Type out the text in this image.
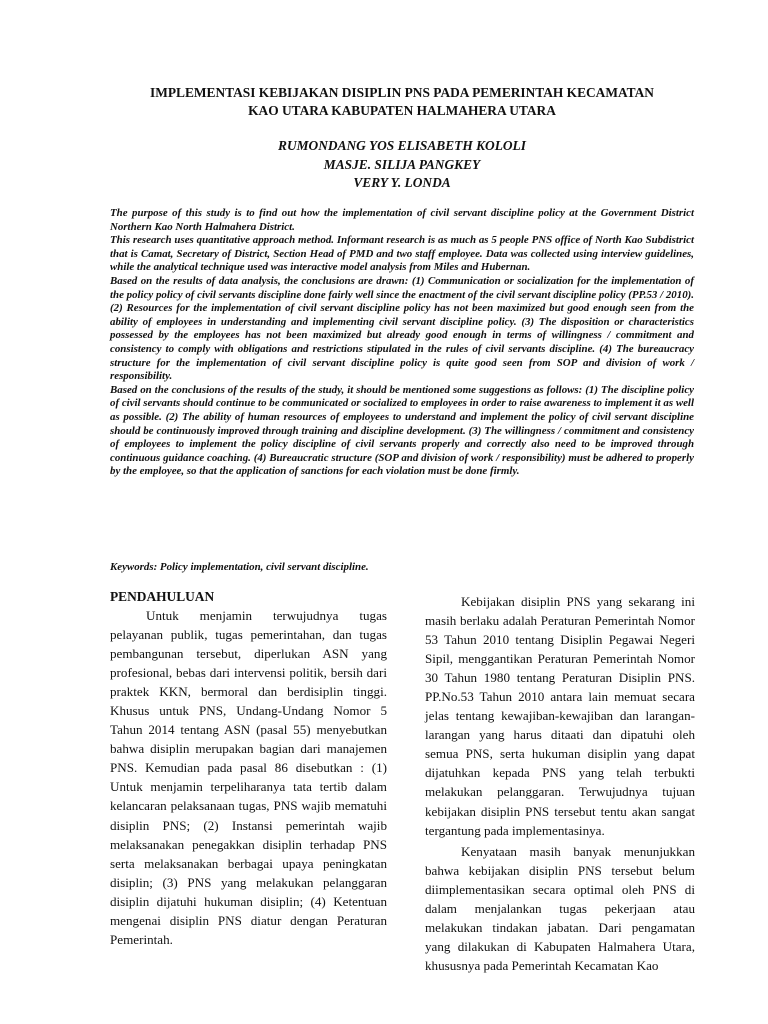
IMPLEMENTASI KEBIJAKAN DISIPLIN PNS PADA PEMERINTAH KECAMATAN
KAO UTARA KABUPATEN HALMAHERA UTARA
RUMONDANG YOS ELISABETH KOLOLI
MASJE. SILIJA PANGKEY
VERY Y. LONDA

The purpose of this study is to find out how the implementation of civil servant discipline policy at the Government District Northern Kao North Halmahera District.

This research uses quantitative approach method. Informant research is as much as 5 people PNS office of North Kao Subdistrict that is Camat, Secretary of District, Section Head of PMD and two staff employee. Data was collected using interview guidelines, while the analytical technique used was interactive model analysis from Miles and Hubernan.

Based on the results of data analysis, the conclusions are drawn: (1) Communication or socialization for the implementation of the policy policy of civil servants discipline done fairly well since the enactment of the civil servant discipline policy (PP.53 / 2010). (2) Resources for the implementation of civil servant discipline policy has not been maximized but good enough seen from the ability of employees in understanding and implementing civil servant discipline policy. (3) The disposition or characteristics possessed by the employees has not been maximized but already good enough in terms of willingness / commitment and consistency to comply with obligations and restrictions stipulated in the rules of civil servants discipline. (4) The bureaucracy structure for the implementation of civil servant discipline policy is quite good seen from SOP and division of work / responsibility.

Based on the conclusions of the results of the study, it should be mentioned some suggestions as follows: (1) The discipline policy of civil servants should continue to be communicated or socialized to employees in order to raise awareness to implement it as well as possible. (2) The ability of human resources of employees to understand and implement the policy of civil servant discipline should be continuously improved through training and discipline development. (3) The willingness / commitment and consistency of employees to implement the policy discipline of civil servants properly and correctly also need to be improved through continuous guidance coaching. (4) Bureaucratic structure (SOP and division of work / responsibility) must be adhered to properly by the employee, so that the application of sanctions for each violation must be done firmly.

Keywords: Policy implementation, civil servant discipline.
PENDAHULUAN

Untuk menjamin terwujudnya tugas pelayanan publik, tugas pemerintahan, dan tugas pembangunan tersebut, diperlukan ASN yang profesional, bebas dari intervensi politik, bersih dari praktek KKN, bermoral dan berdisiplin tinggi. Khusus untuk PNS, Undang-Undang Nomor 5 Tahun 2014 tentang ASN (pasal 55) menyebutkan bahwa disiplin merupakan bagian dari manajemen PNS. Kemudian pada pasal 86 disebutkan : (1) Untuk menjamin terpeliharanya tata tertib dalam kelancaran pelaksanaan tugas, PNS wajib mematuhi disiplin PNS; (2) Instansi pemerintah wajib melaksanakan penegakkan disiplin terhadap PNS serta melaksanakan berbagai upaya peningkatan disiplin; (3) PNS yang melakukan pelanggaran disiplin dijatuhi hukuman disiplin; (4) Ketentuan mengenai disiplin PNS diatur dengan Peraturan Pemerintah.

Kebijakan disiplin PNS yang sekarang ini masih berlaku adalah Peraturan Pemerintah Nomor 53 Tahun 2010 tentang Disiplin Pegawai Negeri Sipil, menggantikan Peraturan Pemerintah Nomor 30 Tahun 1980 tentang Peraturan Disiplin PNS. PP.No.53 Tahun 2010 antara lain memuat secara jelas tentang kewajiban-kewajiban dan larangan-larangan yang harus ditaati dan dipatuhi oleh semua PNS, serta hukuman disiplin yang dapat dijatuhkan kepada PNS yang telah terbukti melakukan pelanggaran. Terwujudnya tujuan kebijakan disiplin PNS tersebut tentu akan sangat tergantung pada implementasinya.

Kenyataan masih banyak menunjukkan bahwa kebijakan disiplin PNS tersebut belum diimplementasikan secara optimal oleh PNS di dalam menjalankan tugas pekerjaan atau melakukan tindakan jabatan. Dari pengamatan yang dilakukan di Kabupaten Halmahera Utara, khususnya pada Pemerintah Kecamatan Kao
